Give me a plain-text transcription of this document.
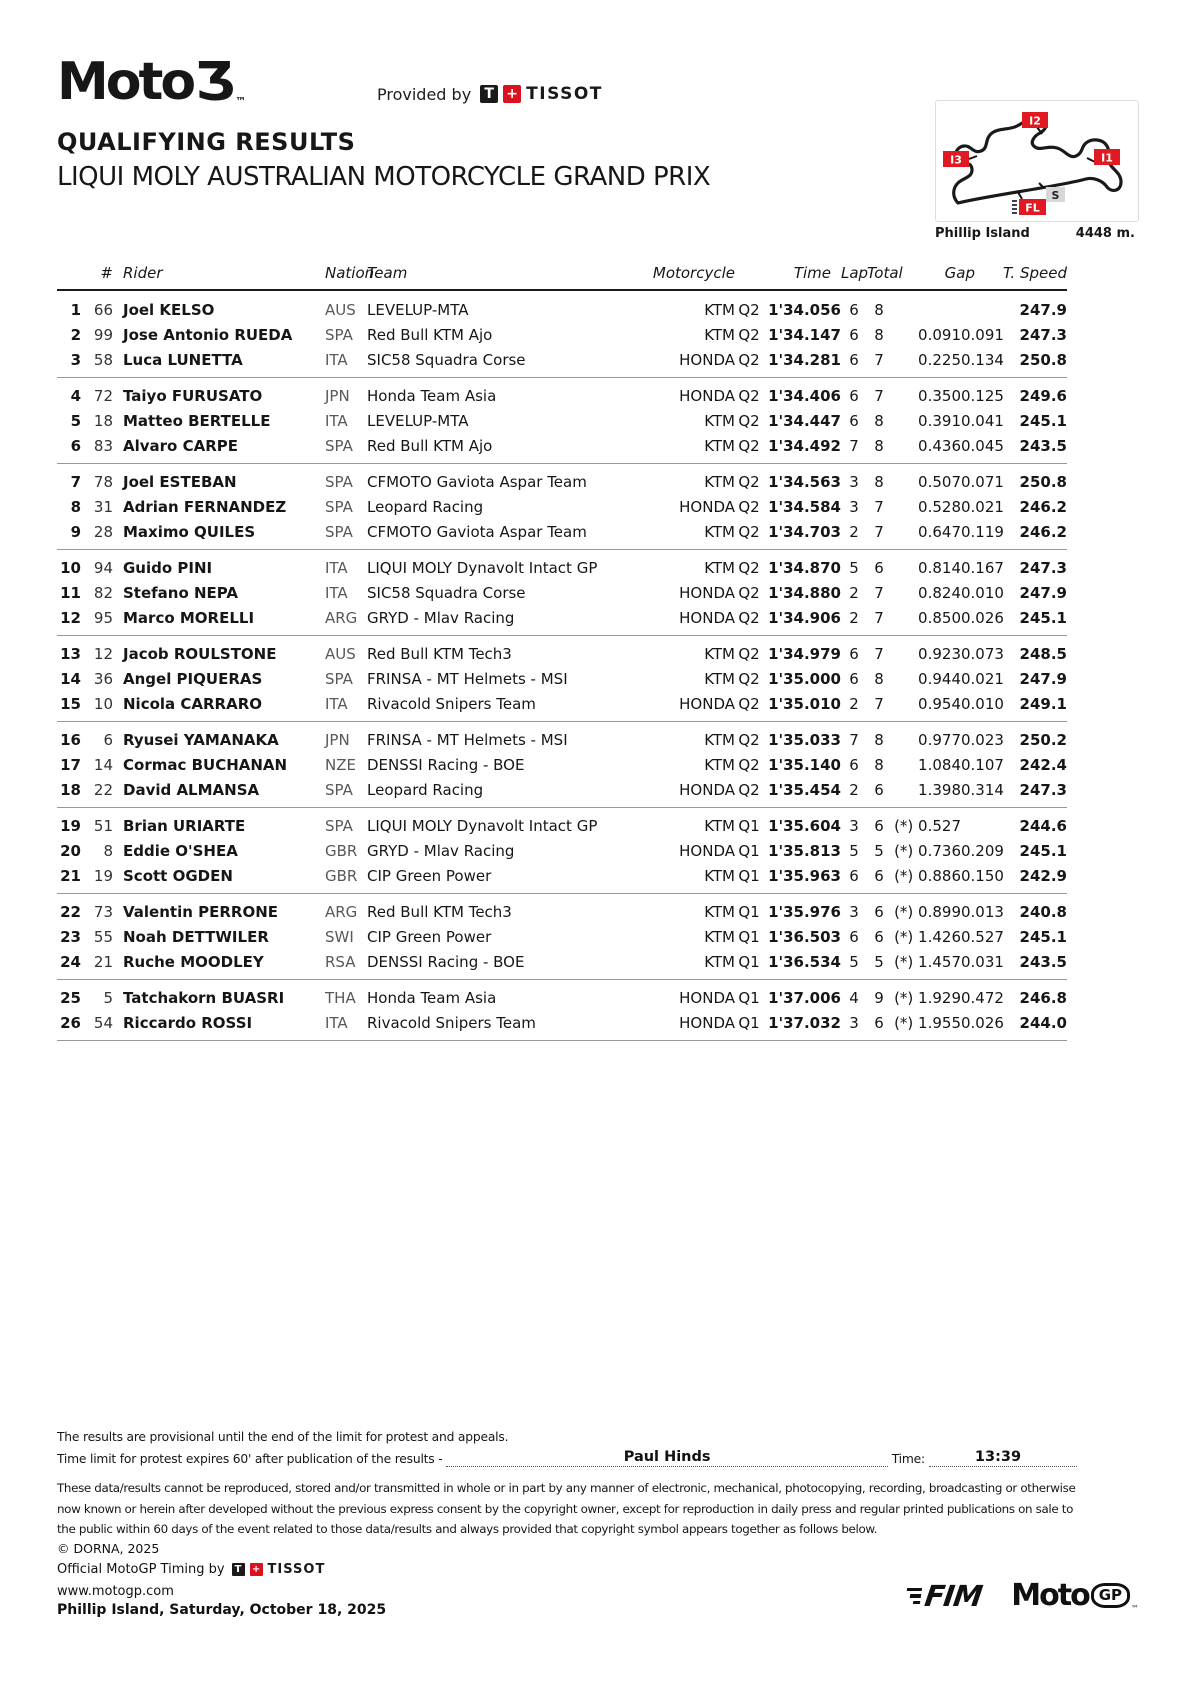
MotoƷ ™	Provided by T + TISSOT
QUALIFYING RESULTS
LIQUI MOLY AUSTRALIAN MOTORCYCLE GRAND PRIX
I2
I3	I1
FL
S
Phillip Island	4448 m.
	#	Rider	Nation	Team	Motorcycle		Time	Lap	Total	Gap		T. Speed
1	66	Joel KELSO	AUS	LEVELUP-MTA	KTM	Q2	1'34.056	6	8			247.9
2	99	Jose Antonio RUEDA	SPA	Red Bull KTM Ajo	KTM	Q2	1'34.147	6	8	0.091	0.091	247.3
3	58	Luca LUNETTA	ITA	SIC58 Squadra Corse	HONDA	Q2	1'34.281	6	7	0.225	0.134	250.8
4	72	Taiyo FURUSATO	JPN	Honda Team Asia	HONDA	Q2	1'34.406	6	7	0.350	0.125	249.6
5	18	Matteo BERTELLE	ITA	LEVELUP-MTA	KTM	Q2	1'34.447	6	8	0.391	0.041	245.1
6	83	Alvaro CARPE	SPA	Red Bull KTM Ajo	KTM	Q2	1'34.492	7	8	0.436	0.045	243.5
7	78	Joel ESTEBAN	SPA	CFMOTO Gaviota Aspar Team	KTM	Q2	1'34.563	3	8	0.507	0.071	250.8
8	31	Adrian FERNANDEZ	SPA	Leopard Racing	HONDA	Q2	1'34.584	3	7	0.528	0.021	246.2
9	28	Maximo QUILES	SPA	CFMOTO Gaviota Aspar Team	KTM	Q2	1'34.703	2	7	0.647	0.119	246.2
10	94	Guido PINI	ITA	LIQUI MOLY Dynavolt Intact GP	KTM	Q2	1'34.870	5	6	0.814	0.167	247.3
11	82	Stefano NEPA	ITA	SIC58 Squadra Corse	HONDA	Q2	1'34.880	2	7	0.824	0.010	247.9
12	95	Marco MORELLI	ARG	GRYD - Mlav Racing	HONDA	Q2	1'34.906	2	7	0.850	0.026	245.1
13	12	Jacob ROULSTONE	AUS	Red Bull KTM Tech3	KTM	Q2	1'34.979	6	7	0.923	0.073	248.5
14	36	Angel PIQUERAS	SPA	FRINSA - MT Helmets - MSI	KTM	Q2	1'35.000	6	8	0.944	0.021	247.9
15	10	Nicola CARRARO	ITA	Rivacold Snipers Team	HONDA	Q2	1'35.010	2	7	0.954	0.010	249.1
16	6	Ryusei YAMANAKA	JPN	FRINSA - MT Helmets - MSI	KTM	Q2	1'35.033	7	8	0.977	0.023	250.2
17	14	Cormac BUCHANAN	NZE	DENSSI Racing - BOE	KTM	Q2	1'35.140	6	8	1.084	0.107	242.4
18	22	David ALMANSA	SPA	Leopard Racing	HONDA	Q2	1'35.454	2	6	1.398	0.314	247.3
19	51	Brian URIARTE	SPA	LIQUI MOLY Dynavolt Intact GP	KTM	Q1	1'35.604	3	6	(*) 0.527		244.6
20	8	Eddie O'SHEA	GBR	GRYD - Mlav Racing	HONDA	Q1	1'35.813	5	5	(*) 0.736	0.209	245.1
21	19	Scott OGDEN	GBR	CIP Green Power	KTM	Q1	1'35.963	6	6	(*) 0.886	0.150	242.9
22	73	Valentin PERRONE	ARG	Red Bull KTM Tech3	KTM	Q1	1'35.976	3	6	(*) 0.899	0.013	240.8
23	55	Noah DETTWILER	SWI	CIP Green Power	KTM	Q1	1'36.503	6	6	(*) 1.426	0.527	245.1
24	21	Ruche MOODLEY	RSA	DENSSI Racing - BOE	KTM	Q1	1'36.534	5	5	(*) 1.457	0.031	243.5
25	5	Tatchakorn BUASRI	THA	Honda Team Asia	HONDA	Q1	1'37.006	4	9	(*) 1.929	0.472	246.8
26	54	Riccardo ROSSI	ITA	Rivacold Snipers Team	HONDA	Q1	1'37.032	3	6	(*) 1.955	0.026	244.0
The results are provisional until the end of the limit for protest and appeals.
Time limit for protest expires 60' after publication of the results -	Paul Hinds	Time:	13:39
These data/results cannot be reproduced, stored and/or transmitted in whole or in part by any manner of electronic, mechanical, photocopying, recording, broadcasting or otherwise now known or herein after developed without the previous express consent by the copyright owner, except for reproduction in daily press and regular printed publications on sale to the public within 60 days of the event related to those data/results and always provided that copyright symbol appears together as follows below.
© DORNA, 2025
Official MotoGP Timing by	T	+ TISSOT
www.motogp.com
Phillip Island, Saturday, October 18, 2025	FIM Moto GP
™
